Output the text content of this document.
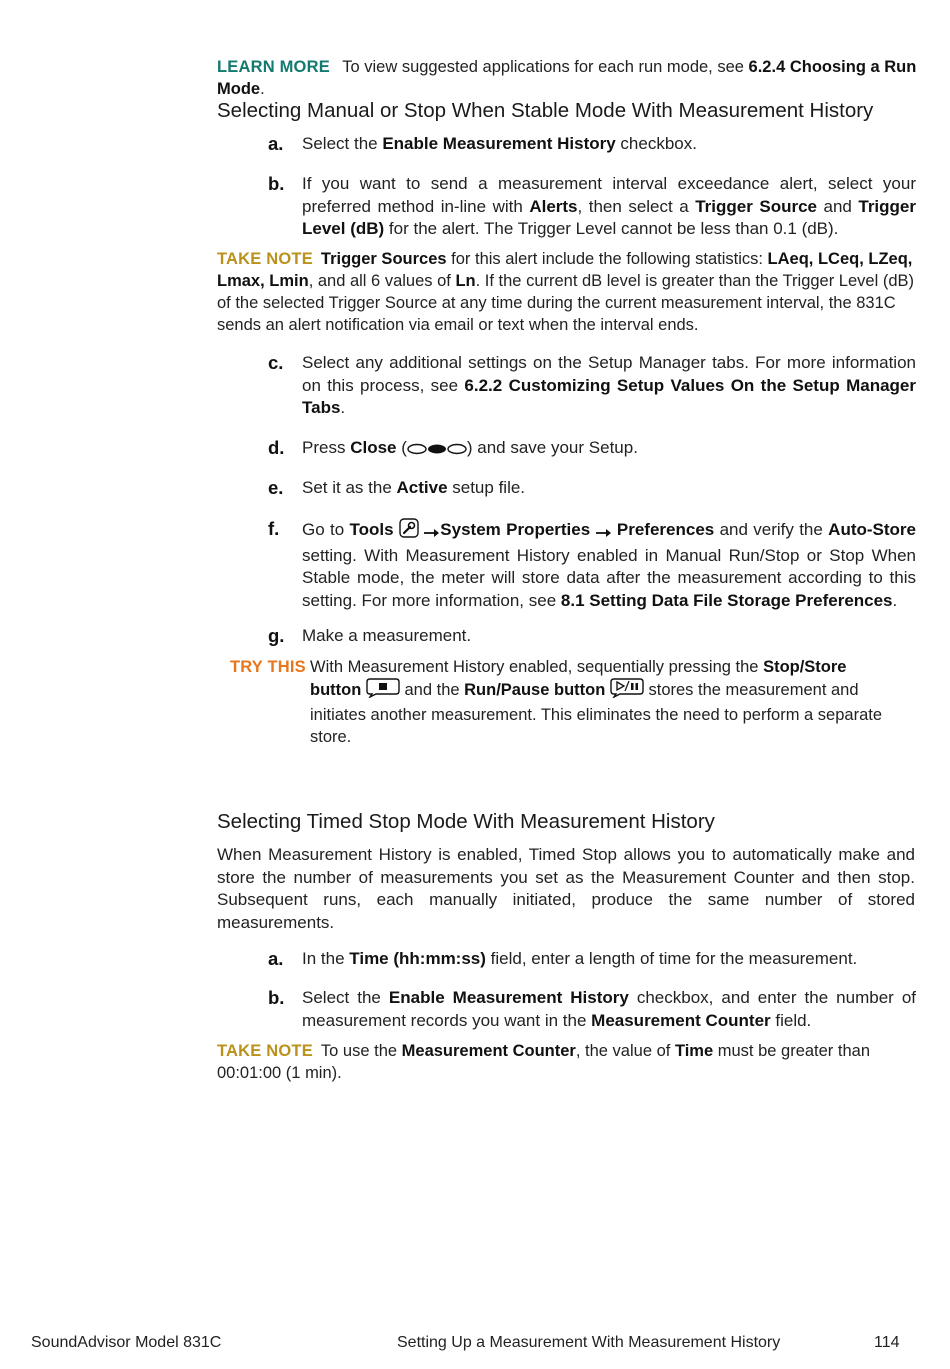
LEARN MORE To view suggested applications for each run mode, see 6.2.4 Choosing a Run Mode.
Selecting Manual or Stop When Stable Mode With Measurement History
a. Select the Enable Measurement History checkbox.
b. If you want to send a measurement interval exceedance alert, select your preferred method in-line with Alerts, then select a Trigger Source and Trigger Level (dB) for the alert. The Trigger Level cannot be less than 0.1 (dB).
TAKE NOTE Trigger Sources for this alert include the following statistics: LAeq, LCeq, LZeq, Lmax, Lmin, and all 6 values of Ln. If the current dB level is greater than the Trigger Level (dB) of the selected Trigger Source at any time during the current measurement interval, the 831C sends an alert notification via email or text when the interval ends.
c. Select any additional settings on the Setup Manager tabs. For more information on this process, see 6.2.2 Customizing Setup Values On the Setup Manager Tabs.
d. Press Close (	) and save your Setup.
e. Set it as the Active setup file.
f. Go to Tools	System Properties Preferences and verify the Auto-Store setting. With Measurement History enabled in Manual Run/Stop or Stop When Stable mode, the meter will store data after the measurement according to this setting. For more information, see 8.1 Setting Data File Storage Preferences.
g. Make a measurement.
TRY THIS With Measurement History enabled, sequentially pressing the Stop/Store button  and the Run/Pause button  stores the measurement and initiates another measurement. This eliminates the need to perform a separate store.
Selecting Timed Stop Mode With Measurement History
When Measurement History is enabled, Timed Stop allows you to automatically make and store the number of measurements you set as the Measurement Counter and then stop. Subsequent runs, each manually initiated, produce the same number of stored measurements.
a. In the Time (hh:mm:ss) field, enter a length of time for the measurement.
b. Select the Enable Measurement History checkbox, and enter the number of measurement records you want in the Measurement Counter field.
TAKE NOTE To use the Measurement Counter, the value of Time must be greater than 00:01:00 (1 min).
SoundAdvisor Model 831C	Setting Up a Measurement With Measurement History	114
